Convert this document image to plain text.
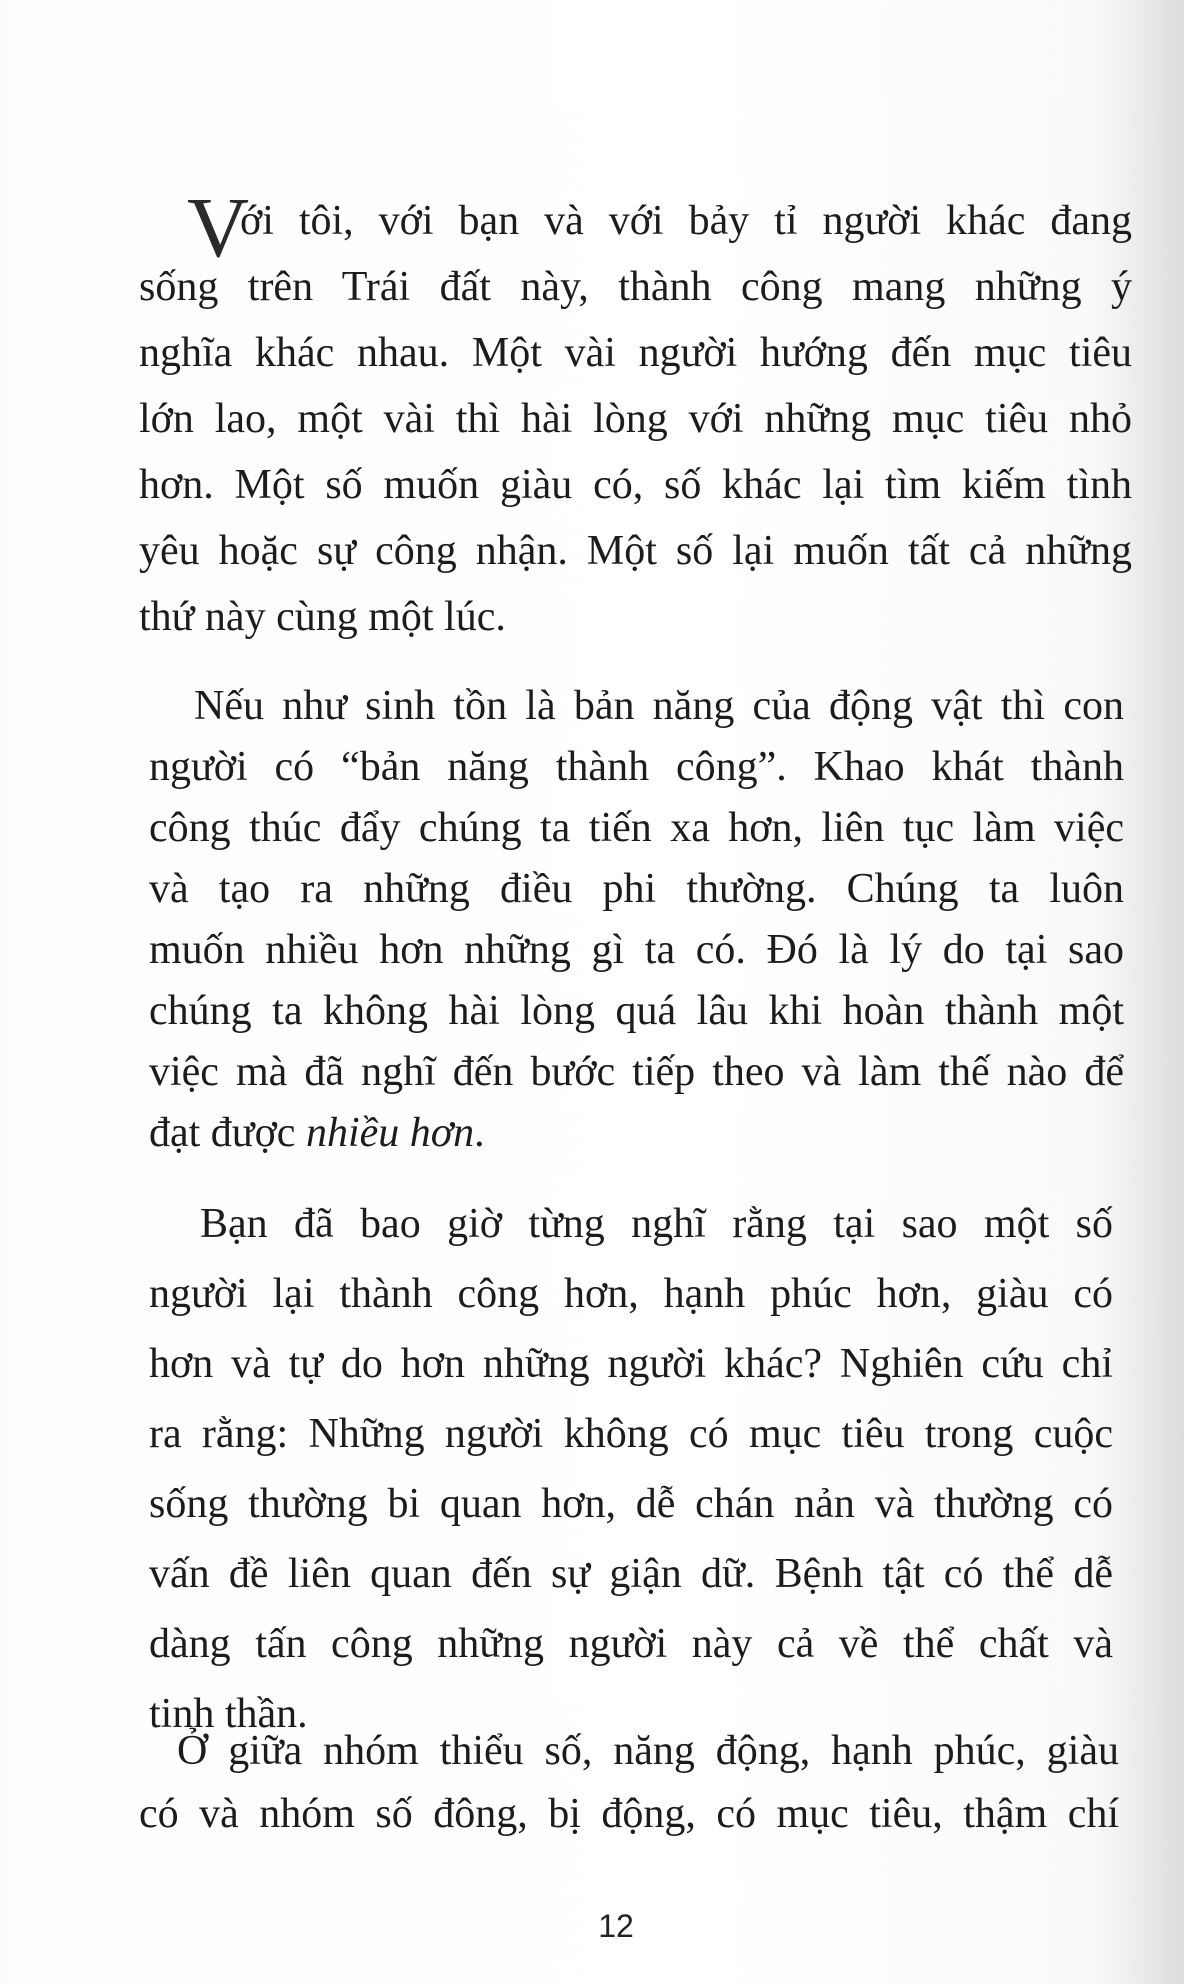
V
ới tôi, với bạn và với bảy tỉ người khác đang
sống trên Trái đất này, thành công mang những ý
nghĩa khác nhau. Một vài người hướng đến mục tiêu
lớn lao, một vài thì hài lòng với những mục tiêu nhỏ
hơn. Một số muốn giàu có, số khác lại tìm kiếm tình
yêu hoặc sự công nhận. Một số lại muốn tất cả những
thứ này cùng một lúc.
Nếu như sinh tồn là bản năng của động vật thì con
người có “bản năng thành công”. Khao khát thành
công thúc đẩy chúng ta tiến xa hơn, liên tục làm việc
và tạo ra những điều phi thường. Chúng ta luôn
muốn nhiều hơn những gì ta có. Đó là lý do tại sao
chúng ta không hài lòng quá lâu khi hoàn thành một
việc mà đã nghĩ đến bước tiếp theo và làm thế nào để
đạt được nhiều hơn.
Bạn đã bao giờ từng nghĩ rằng tại sao một số
người lại thành công hơn, hạnh phúc hơn, giàu có
hơn và tự do hơn những người khác? Nghiên cứu chỉ
ra rằng: Những người không có mục tiêu trong cuộc
sống thường bi quan hơn, dễ chán nản và thường có
vấn đề liên quan đến sự giận dữ. Bệnh tật có thể dễ
dàng tấn công những người này cả về thể chất và
tinh thần.
Ở giữa nhóm thiểu số, năng động, hạnh phúc, giàu
có và nhóm số đông, bị động, có mục tiêu, thậm chí
12
